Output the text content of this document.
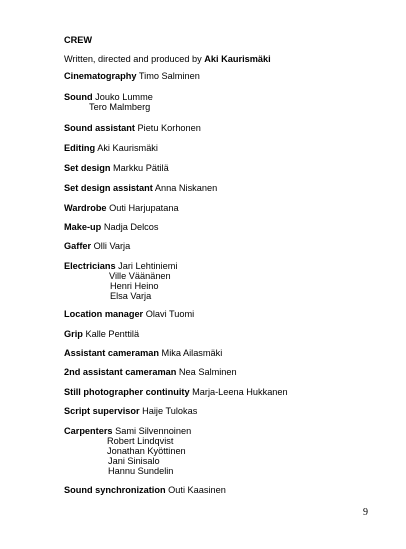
CREW
Written, directed and produced by Aki Kaurismäki
Cinematography Timo Salminen
Sound Jouko Lumme
Tero Malmberg
Sound assistant Pietu Korhonen
Editing Aki Kaurismäki
Set design Markku Pätilä
Set design assistant Anna Niskanen
Wardrobe Outi Harjupatana
Make-up Nadja Delcos
Gaffer Olli Varja
Electricians Jari Lehtiniemi
Ville Väänänen
Henri Heino
Elsa Varja
Location manager Olavi Tuomi
Grip Kalle Penttilä
Assistant cameraman Mika Ailasmäki
2nd assistant cameraman Nea Salminen
Still photographer continuity Marja-Leena Hukkanen
Script supervisor Haije Tulokas
Carpenters Sami Silvennoinen
Robert Lindqvist
Jonathan Kyöttinen
Jani Sinisalo
Hannu Sundelin
Sound synchronization Outi Kaasinen
9
